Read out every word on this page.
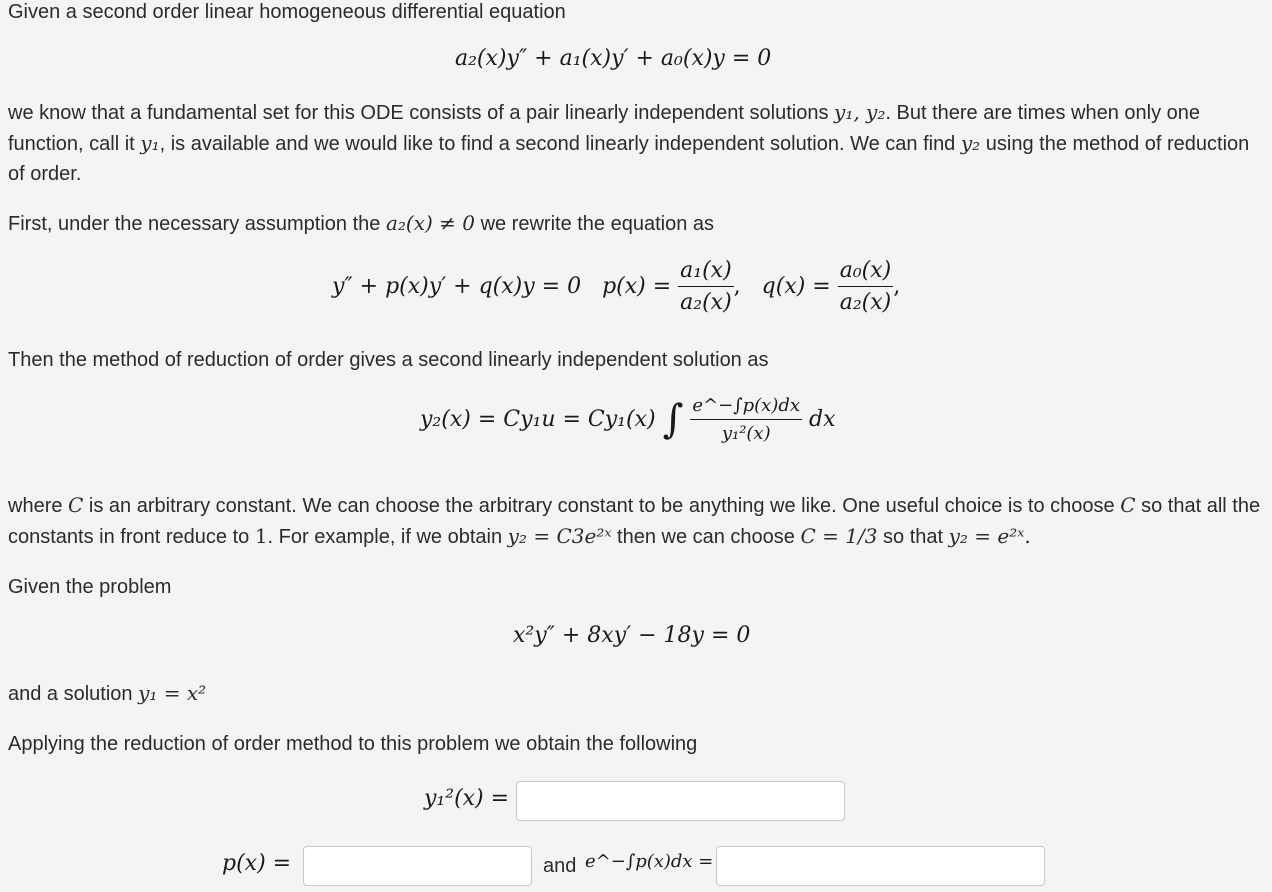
Given a second order linear homogeneous differential equation

a₂(x)y″ + a₁(x)y′ + a₀(x)y = 0

we know that a fundamental set for this ODE consists of a pair linearly independent solutions y₁, y₂. But there are times when only one function, call it y₁, is available and we would like to find a second linearly independent solution. We can find y₂ using the method of reduction of order.

First, under the necessary assumption the a₂(x) ≠ 0 we rewrite the equation as

y″ + p(x)y′ + q(x)y = 0 $p(x) = \frac{\text{a₁(x)}}{\text{a₂(x)}}$ , $q(x) = \frac{\text{a₀(x)}}{\text{a₂(x)}}$ ,

Then the method of reduction of order gives a second linearly independent solution as

y₂(x) = Cy₁u = Cy₁(x) ∫ $\frac{e\^{}-\int p(x)dx}{\text{y₁²(x)}}$ dx

where C is an arbitrary constant. We can choose the arbitrary constant to be anything we like. One useful choice is to choose C so that all the constants in front reduce to 1. For example, if we obtain y₂ = C3e²ˣ then we can choose C = 1/3 so that y₂ = e²ˣ.

Given the problem

x²y″ + 8xy′ − 18y = 0

and a solution y₁ = x²

Applying the reduction of order method to this problem we obtain the following

y₁²(x) =
p(x) =	and e^−∫p(x)dx =
